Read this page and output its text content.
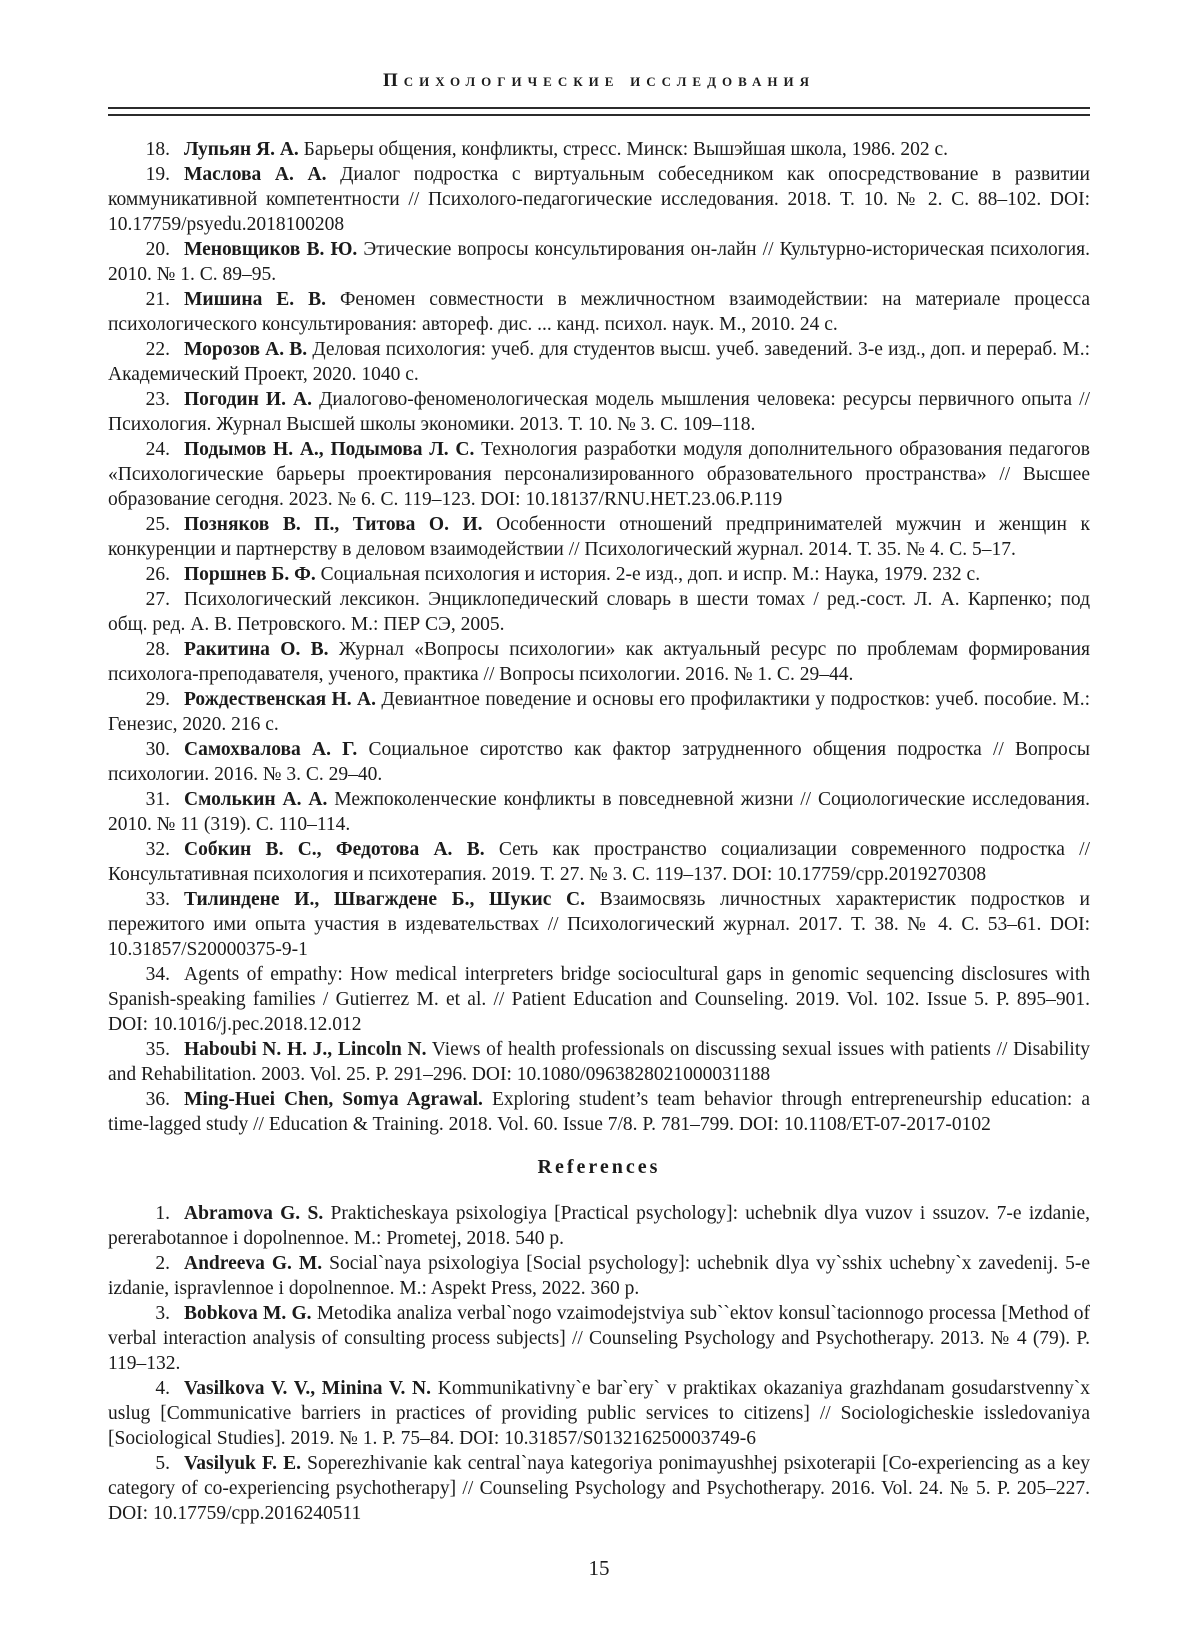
Психологические исследования

18. Лупьян Я. А. Барьеры общения, конфликты, стресс. Минск: Вышэйшая школа, 1986. 202 с.

19. Маслова А. А. Диалог подростка с виртуальным собеседником как опосредствование в развитии коммуникативной компетентности // Психолого-педагогические исследования. 2018. Т. 10. № 2. С. 88–102. DOI: 10.17759/psyedu.2018100208

20. Меновщиков В. Ю. Этические вопросы консультирования он-лайн // Культурно-историческая психология. 2010. № 1. С. 89–95.

21. Мишина Е. В. Феномен совместности в межличностном взаимодействии: на материале процесса психологического консультирования: автореф. дис. ... канд. психол. наук. М., 2010. 24 с.

22. Морозов А. В. Деловая психология: учеб. для студентов высш. учеб. заведений. 3-е изд., доп. и перераб. М.: Академический Проект, 2020. 1040 с.

23. Погодин И. А. Диалогово-феноменологическая модель мышления человека: ресурсы первичного опыта // Психология. Журнал Высшей школы экономики. 2013. Т. 10. № 3. С. 109–118.

24. Подымов Н. А., Подымова Л. С. Технология разработки модуля дополнительного образования педагогов «Психологические барьеры проектирования персонализированного образовательного пространства» // Высшее образование сегодня. 2023. № 6. С. 119–123. DOI: 10.18137/RNU.HET.23.06.P.119

25. Позняков В. П., Титова О. И. Особенности отношений предпринимателей мужчин и женщин к конкуренции и партнерству в деловом взаимодействии // Психологический журнал. 2014. Т. 35. № 4. С. 5–17.

26. Поршнев Б. Ф. Социальная психология и история. 2-е изд., доп. и испр. М.: Наука, 1979. 232 с.

27. Психологический лексикон. Энциклопедический словарь в шести томах / ред.-сост. Л. А. Карпенко; под общ. ред. А. В. Петровского. М.: ПЕР СЭ, 2005.

28. Ракитина О. В. Журнал «Вопросы психологии» как актуальный ресурс по проблемам формирования психолога-преподавателя, ученого, практика // Вопросы психологии. 2016. № 1. С. 29–44.

29. Рождественская Н. А. Девиантное поведение и основы его профилактики у подростков: учеб. пособие. М.: Генезис, 2020. 216 с.

30. Самохвалова А. Г. Социальное сиротство как фактор затрудненного общения подростка // Вопросы психологии. 2016. № 3. С. 29–40.

31. Смолькин А. А. Межпоколенческие конфликты в повседневной жизни // Социологические исследования. 2010. № 11 (319). С. 110–114.

32. Собкин В. С., Федотова А. В. Сеть как пространство социализации современного подростка // Консультативная психология и психотерапия. 2019. Т. 27. № 3. С. 119–137. DOI: 10.17759/cpp.2019270308

33. Тилиндене И., Швагждене Б., Шукис С. Взаимосвязь личностных характеристик подростков и пережитого ими опыта участия в издевательствах // Психологический журнал. 2017. Т. 38. № 4. С. 53–61. DOI: 10.31857/S20000375-9-1

34. Agents of empathy: How medical interpreters bridge sociocultural gaps in genomic sequencing disclosures with Spanish-speaking families / Gutierrez M. et al. // Patient Education and Counseling. 2019. Vol. 102. Issue 5. P. 895–901. DOI: 10.1016/j.pec.2018.12.012

35. Haboubi N. H. J., Lincoln N. Views of health professionals on discussing sexual issues with patients // Disability and Rehabilitation. 2003. Vol. 25. P. 291–296. DOI: 10.1080/0963828021000031188

36. Ming-Huei Chen, Somya Agrawal. Exploring student’s team behavior through entrepreneurship education: a time-lagged study // Education & Training. 2018. Vol. 60. Issue 7/8. P. 781–799. DOI: 10.1108/ET-07-2017-0102

References

1. Abramova G. S. Prakticheskaya psixologiya [Practical psychology]: uchebnik dlya vuzov i ssuzov. 7-e izdanie, pererabotannoe i dopolnennoe. M.: Prometej, 2018. 540 p.

2. Andreeva G. M. Social`naya psixologiya [Social psychology]: uchebnik dlya vy`sshix uchebny`x zavedenij. 5-e izdanie, ispravlennoe i dopolnennoe. M.: Aspekt Press, 2022. 360 p.

3. Bobkova M. G. Metodika analiza verbal`nogo vzaimodejstviya sub``ektov konsul`tacionnogo processa [Method of verbal interaction analysis of consulting process subjects] // Counseling Psychology and Psychotherapy. 2013. № 4 (79). P. 119–132.

4. Vasilkova V. V., Minina V. N. Kommunikativny`e bar`ery` v praktikax okazaniya grazhdanam gosudarstvenny`x uslug [Communicative barriers in practices of providing public services to citizens] // Sociologicheskie issledovaniya [Sociological Studies]. 2019. № 1. P. 75–84. DOI: 10.31857/S013216250003749-6

5. Vasilyuk F. E. Soperezhivanie kak central`naya kategoriya ponimayushhej psixoterapii [Co-experiencing as a key category of co-experiencing psychotherapy] // Counseling Psychology and Psychotherapy. 2016. Vol. 24. № 5. P. 205–227. DOI: 10.17759/cpp.2016240511

15
